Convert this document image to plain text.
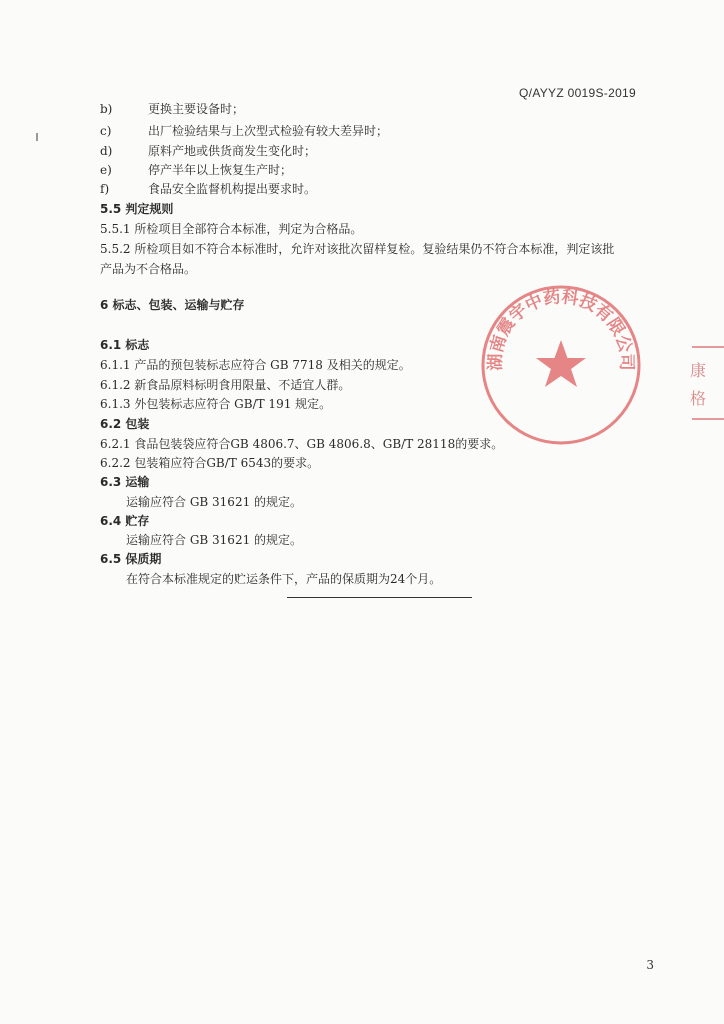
Q/AYYZ 0019S-2019
b)	更换主要设备时；
c)	出厂检验结果与上次型式检验有较大差异时；
d)	原料产地或供货商发生变化时；
e)	停产半年以上恢复生产时；
f)	食品安全监督机构提出要求时。
5.5 判定规则
5.5.1 所检项目全部符合本标准，判定为合格品。
5.5.2 所检项目如不符合本标准时，允许对该批次留样复检。复验结果仍不符合本标准，判定该批
产品为不合格品。
6 标志、包装、运输与贮存
6.1 标志
6.1.1 产品的预包装标志应符合 GB 7718 及相关的规定。
6.1.2 新食品原料标明食用限量、不适宜人群。
6.1.3 外包装标志应符合 GB/T 191 规定。
6.2 包装
6.2.1 食品包装袋应符合GB 4806.7、GB 4806.8、GB/T 28118的要求。
6.2.2 包装箱应符合GB/T 6543的要求。
6.3 运输
运输应符合 GB 31621 的规定。
6.4 贮存
运输应符合 GB 31621 的规定。
6.5 保质期
在符合本标准规定的贮运条件下，产品的保质期为24个月。
湖南震宇中药科技有限公司	康
格
3
